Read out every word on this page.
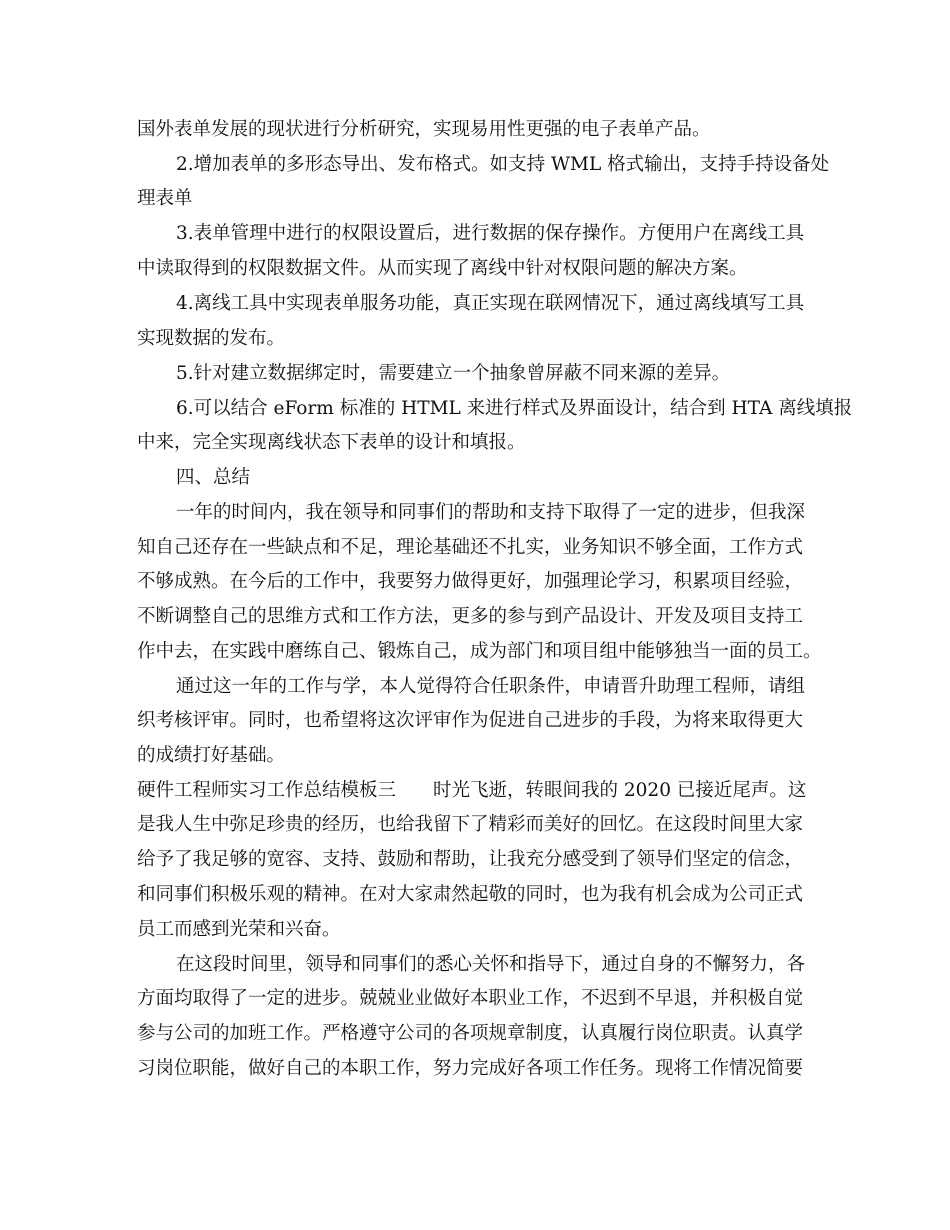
国外表单发展的现状进行分析研究，实现易用性更强的电子表单产品。
2.增加表单的多形态导出、发布格式。如支持 WML 格式输出，支持手持设备处
理表单
3.表单管理中进行的权限设置后，进行数据的保存操作。方便用户在离线工具
中读取得到的权限数据文件。从而实现了离线中针对权限问题的解决方案。
4.离线工具中实现表单服务功能，真正实现在联网情况下，通过离线填写工具
实现数据的发布。
5.针对建立数据绑定时，需要建立一个抽象曾屏蔽不同来源的差异。
6.可以结合 eForm 标准的 HTML 来进行样式及界面设计，结合到 HTA 离线填报
中来，完全实现离线状态下表单的设计和填报。
四、总结
一年的时间内，我在领导和同事们的帮助和支持下取得了一定的进步，但我深
知自己还存在一些缺点和不足，理论基础还不扎实，业务知识不够全面，工作方式
不够成熟。在今后的工作中，我要努力做得更好，加强理论学习，积累项目经验，
不断调整自己的思维方式和工作方法，更多的参与到产品设计、开发及项目支持工
作中去，在实践中磨练自己、锻炼自己，成为部门和项目组中能够独当一面的员工。
通过这一年的工作与学，本人觉得符合任职条件，申请晋升助理工程师，请组
织考核评审。同时，也希望将这次评审作为促进自己进步的手段，为将来取得更大
的成绩打好基础。
硬件工程师实习工作总结模板三　　时光飞逝，转眼间我的 2020 已接近尾声。这
是我人生中弥足珍贵的经历，也给我留下了精彩而美好的回忆。在这段时间里大家
给予了我足够的宽容、支持、鼓励和帮助，让我充分感受到了领导们坚定的信念，
和同事们积极乐观的精神。在对大家肃然起敬的同时，也为我有机会成为公司正式
员工而感到光荣和兴奋。
在这段时间里，领导和同事们的悉心关怀和指导下，通过自身的不懈努力，各
方面均取得了一定的进步。兢兢业业做好本职业工作，不迟到不早退，并积极自觉
参与公司的加班工作。严格遵守公司的各项规章制度，认真履行岗位职责。认真学
习岗位职能，做好自己的本职工作，努力完成好各项工作任务。现将工作情况简要
